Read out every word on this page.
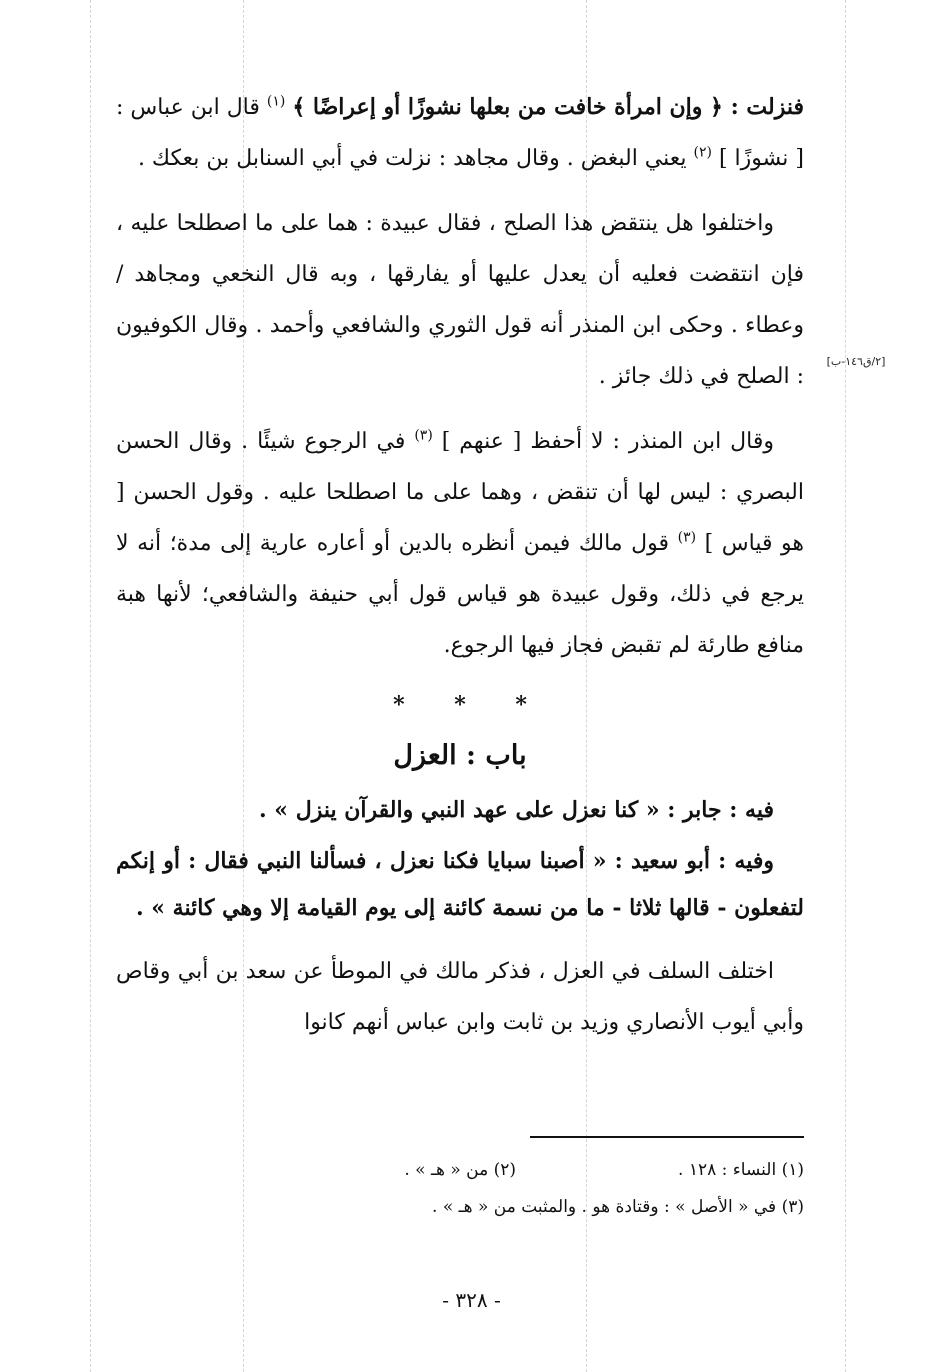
فنزلت : ﴿ وإن امرأة خافت من بعلها نشوزًا أو إعراضًا ﴾ $^{(١)}$ قال ابن عباس : [ نشوزًا ] $^{(٢)}$ يعني البغض . وقال مجاهد : نزلت في أبي السنابل بن بعكك .

واختلفوا هل ينتقض هذا الصلح ، فقال عبيدة : هما على ما اصطلحا عليه ، فإن انتقضت فعليه أن يعدل عليها أو يفارقها ، وبه قال النخعي ومجاهد / وعطاء . وحكى ابن المنذر أنه قول الثوري والشافعي وأحمد . وقال الكوفيون : الصلح في ذلك جائز .

وقال ابن المنذر : لا أحفظ [ عنهم ] $^{(٣)}$ في الرجوع شيئًا . وقال الحسن البصري : ليس لها أن تنقض ، وهما على ما اصطلحا عليه . وقول الحسن [ هو قياس ] $^{(٣)}$ قول مالك فيمن أنظره بالدين أو أعاره عارية إلى مدة؛ أنه لا يرجع في ذلك، وقول عبيدة هو قياس قول أبي حنيفة والشافعي؛ لأنها هبة منافع طارئة لم تقبض فجاز فيها الرجوع.

* * *
باب : العزل

فيه : جابر : « كنا نعزل على عهد النبي والقرآن ينزل » .

وفيه : أبو سعيد : « أصبنا سبايا فكنا نعزل ، فسألنا النبي فقال : أو إنكم لتفعلون - قالها ثلاثا - ما من نسمة كائنة إلى يوم القيامة إلا وهي كائنة » .

اختلف السلف في العزل ، فذكر مالك في الموطأ عن سعد بن أبي وقاص وأبي أيوب الأنصاري وزيد بن ثابت وابن عباس أنهم كانوا

[٢/ق١٤٦-ب]
(١) النساء : ١٢٨ .
(٢) من « هـ » .
(٣) في « الأصل » : وقتادة هو . والمثبت من « هـ » .
- ٣٢٨ -
